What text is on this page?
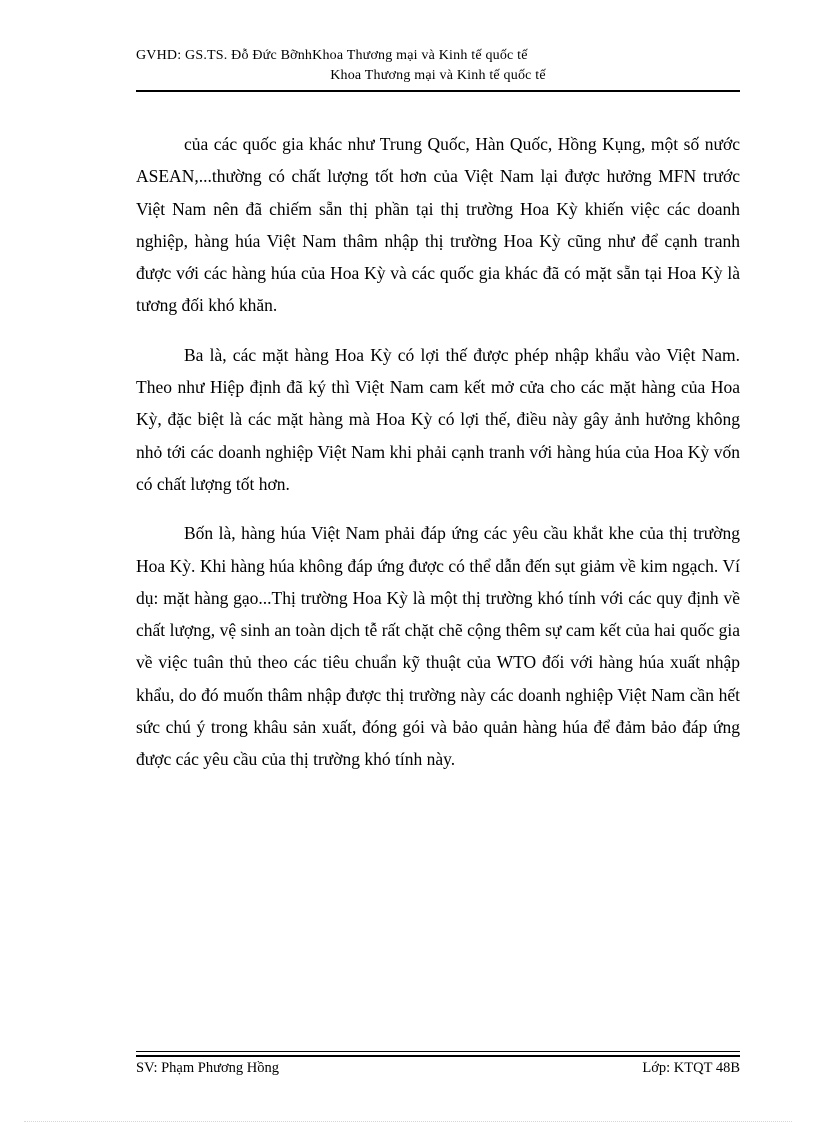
GVHD: GS.TS. Đỗ Đức BỡnhKhoa Thương mại và Kinh tế quốc tế
Khoa Thương mại và Kinh tế quốc tế

của các quốc gia khác như Trung Quốc, Hàn Quốc, Hồng Kụng, một số nước ASEAN,...thường có chất lượng tốt hơn của Việt Nam lại được hưởng MFN trước Việt Nam nên đã chiếm sẵn thị phần tại thị trường Hoa Kỳ khiến việc các doanh nghiệp, hàng húa Việt Nam thâm nhập thị trường Hoa Kỳ cũng như để cạnh tranh được với các hàng húa của Hoa Kỳ và các quốc gia khác đã có mặt sẵn tại Hoa Kỳ là tương đối khó khăn.

Ba là, các mặt hàng Hoa Kỳ có lợi thế được phép nhập khẩu vào Việt Nam. Theo như Hiệp định đã ký thì Việt Nam cam kết mở cửa cho các mặt hàng của Hoa Kỳ, đặc biệt là các mặt hàng mà Hoa Kỳ có lợi thế, điều này gây ảnh hưởng không nhỏ tới các doanh nghiệp Việt Nam khi phải cạnh tranh với hàng húa của Hoa Kỳ vốn có chất lượng tốt hơn.

Bốn là, hàng húa Việt Nam phải đáp ứng các yêu cầu khắt khe của thị trường Hoa Kỳ. Khi hàng húa không đáp ứng được có thể dẫn đến sụt giảm về kim ngạch. Ví dụ: mặt hàng gạo...Thị trường Hoa Kỳ là một thị trường khó tính với các quy định về chất lượng, vệ sinh an toàn dịch tễ rất chặt chẽ cộng thêm sự cam kết của hai quốc gia về việc tuân thủ theo các tiêu chuẩn kỹ thuật của WTO đối với hàng húa xuất nhập khẩu, do đó muốn thâm nhập được thị trường này các doanh nghiệp Việt Nam cần hết sức chú ý trong khâu sản xuất, đóng gói và bảo quản hàng húa để đảm bảo đáp ứng được các yêu cầu của thị trường khó tính này.

SV: Phạm Phương Hồng	Lớp: KTQT 48B
